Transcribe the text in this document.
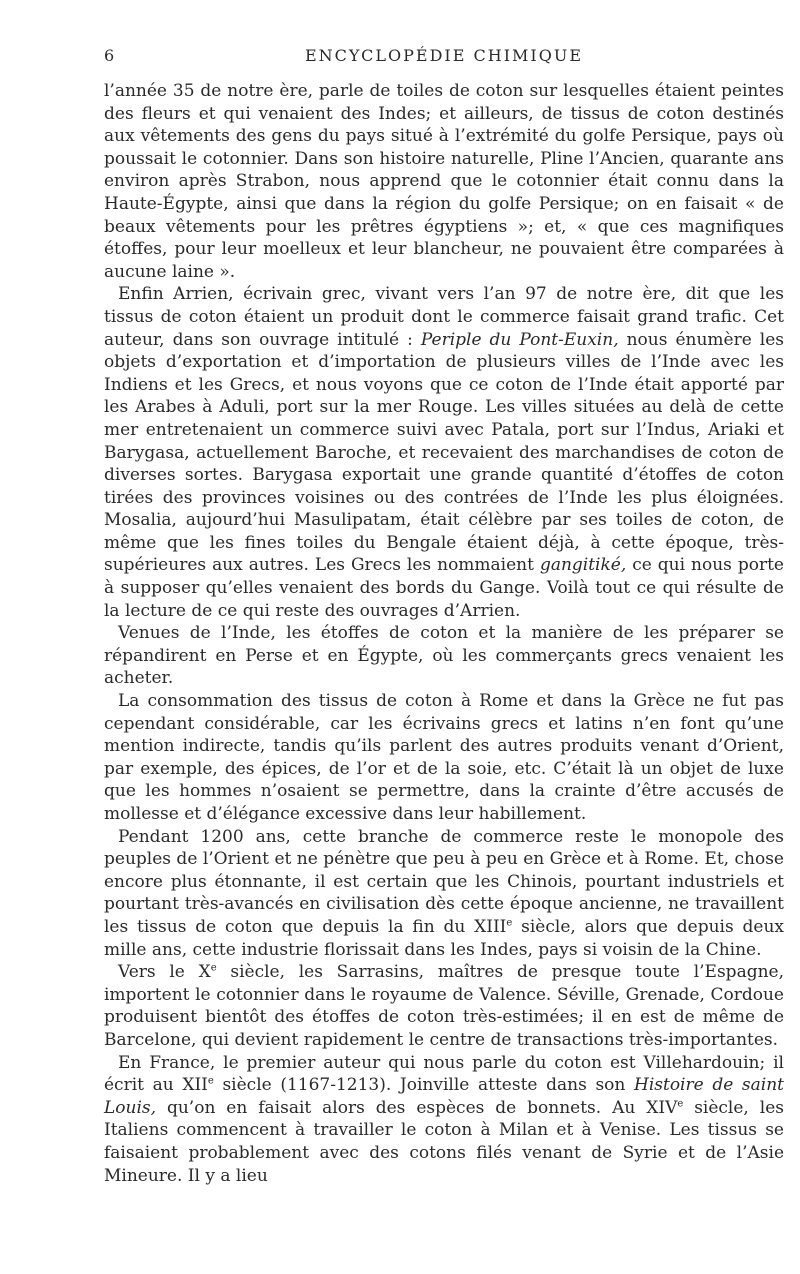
6	ENCYCLOPÉDIE CHIMIQUE

l’année 35 de notre ère, parle de toiles de coton sur lesquelles étaient peintes des fleurs et qui venaient des Indes; et ailleurs, de tissus de coton destinés aux vêtements des gens du pays situé à l’extrémité du golfe Persique, pays où poussait le cotonnier. Dans son histoire naturelle, Pline l’Ancien, quarante ans environ après Strabon, nous apprend que le cotonnier était connu dans la Haute-Égypte, ainsi que dans la région du golfe Persique; on en faisait « de beaux vêtements pour les prêtres égyptiens »; et, « que ces magnifiques étoffes, pour leur moelleux et leur blancheur, ne pouvaient être comparées à aucune laine ».

Enfin Arrien, écrivain grec, vivant vers l’an 97 de notre ère, dit que les tissus de coton étaient un produit dont le commerce faisait grand trafic. Cet auteur, dans son ouvrage intitulé : Periple du Pont-Euxin, nous énumère les objets d’exportation et d’importation de plusieurs villes de l’Inde avec les Indiens et les Grecs, et nous voyons que ce coton de l’Inde était apporté par les Arabes à Aduli, port sur la mer Rouge. Les villes situées au delà de cette mer entretenaient un commerce suivi avec Patala, port sur l’Indus, Ariaki et Barygasa, actuellement Baroche, et recevaient des marchandises de coton de diverses sortes. Barygasa exportait une grande quantité d’étoffes de coton tirées des provinces voisines ou des contrées de l’Inde les plus éloignées. Mosalia, aujourd’hui Masulipatam, était célèbre par ses toiles de coton, de même que les fines toiles du Bengale étaient déjà, à cette époque, très-supérieures aux autres. Les Grecs les nommaient gangitiké, ce qui nous porte à supposer qu’elles venaient des bords du Gange. Voilà tout ce qui résulte de la lecture de ce qui reste des ouvrages d’Arrien.

Venues de l’Inde, les étoffes de coton et la manière de les préparer se répandirent en Perse et en Égypte, où les commerçants grecs venaient les acheter.

La consommation des tissus de coton à Rome et dans la Grèce ne fut pas cependant considérable, car les écrivains grecs et latins n’en font qu’une mention indirecte, tandis qu’ils parlent des autres produits venant d’Orient, par exemple, des épices, de l’or et de la soie, etc. C’était là un objet de luxe que les hommes n’osaient se permettre, dans la crainte d’être accusés de mollesse et d’élégance excessive dans leur habillement.

Pendant 1200 ans, cette branche de commerce reste le monopole des peuples de l’Orient et ne pénètre que peu à peu en Grèce et à Rome. Et, chose encore plus étonnante, il est certain que les Chinois, pourtant industriels et pourtant très-avancés en civilisation dès cette époque ancienne, ne travaillent les tissus de coton que depuis la fin du XIIIe siècle, alors que depuis deux mille ans, cette industrie florissait dans les Indes, pays si voisin de la Chine.

Vers le Xe siècle, les Sarrasins, maîtres de presque toute l’Espagne, importent le cotonnier dans le royaume de Valence. Séville, Grenade, Cordoue produisent bientôt des étoffes de coton très-estimées; il en est de même de Barcelone, qui devient rapidement le centre de transactions très-importantes.

En France, le premier auteur qui nous parle du coton est Villehardouin; il écrit au XIIe siècle (1167-1213). Joinville atteste dans son Histoire de saint Louis, qu’on en faisait alors des espèces de bonnets. Au XIVe siècle, les Italiens commencent à travailler le coton à Milan et à Venise. Les tissus se faisaient probablement avec des cotons filés venant de Syrie et de l’Asie Mineure. Il y a lieu
